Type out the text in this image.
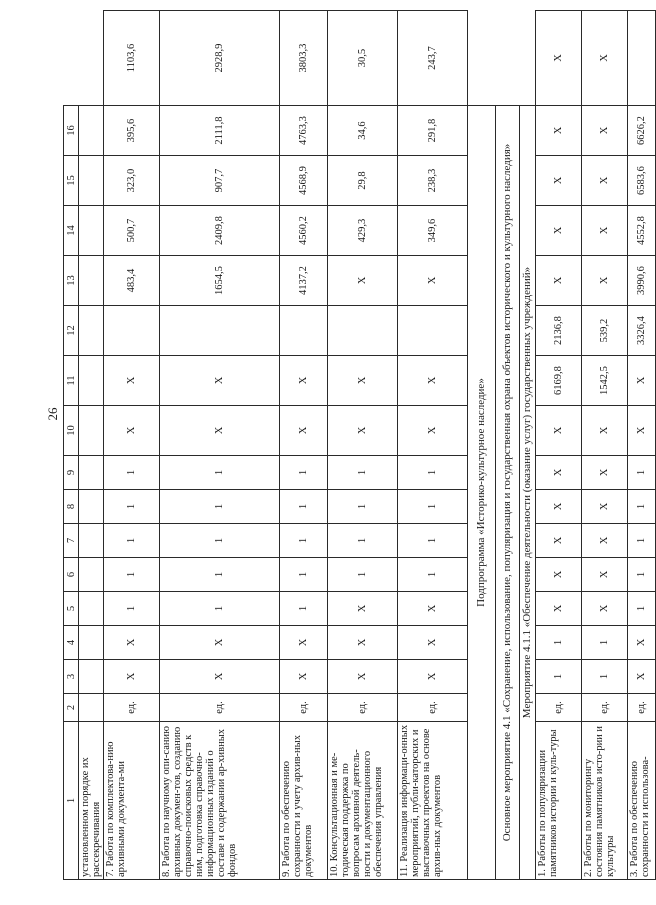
26
1	2	3	4	5	6	7	8	9	10	11	12	13	14	15	16	
установленном порядке их рассекречивания																
7. Работа по комплектова-нию архивными документа-ми	ед.	X	X	1	1	1	1	1	X	X		483,4	500,7	323,0	395,6	1103,6
8. Работа по научному опи-санию архивных докумен-тов, созданию справочно-поисковых средств к ним, подготовка справочно-информационных изданий о составе и содержании ар-хивных фондов	ед.	X	X	1	1	1	1	1	X	X		1654,5	2409,8	907,7	2111,8	2928,9
9. Работа по обеспечению сохранности и учету архив-ных документов	ед.	X	X	1	1	1	1	1	X	X		4137,2	4560,2	4568,9	4763,3	3803,3
10. Консультационная и ме-тодическая поддержка по вопросам архивной деятель-ности и документационного обеспечения управления	ед.	X	X	X	1	1	1	1	X	X		X	429,3	29,8	34,6	30,5
11. Реализация информаци-онных мероприятий, публи-каторских и выставочных проектов на основе архив-ных документов	ед.	X	X	X	1	1	1	1	X	X		X	349,6	238,3	291,8	243,7
Подпрограмма «Историко-культурное наследие»																
Основное мероприятие 4.1 «Сохранение, использование, популяризация и государственная охрана объектов исторического и культурного наследия»																
Мероприятие 4.1.1 «Обеспечение деятельности (оказание услуг) государственных учреждений»																
1. Работы по популяризации памятников истории и куль-туры	ед.	1	1	X	X	X	X	X	X	6169,8	2136,8	X	X	X	X	X
2. Работы по мониторингу состояния памятников исто-рии и культуры	ед.	1	1	X	X	X	X	X	X	1542,5	539,2	X	X	X	X	X
3. Работа по обеспечению сохранности и использова-	ед.	X	X	1	1	1	1	1	X	X	3326,4	3990,6	4552,8	6583,6	6626,2	
